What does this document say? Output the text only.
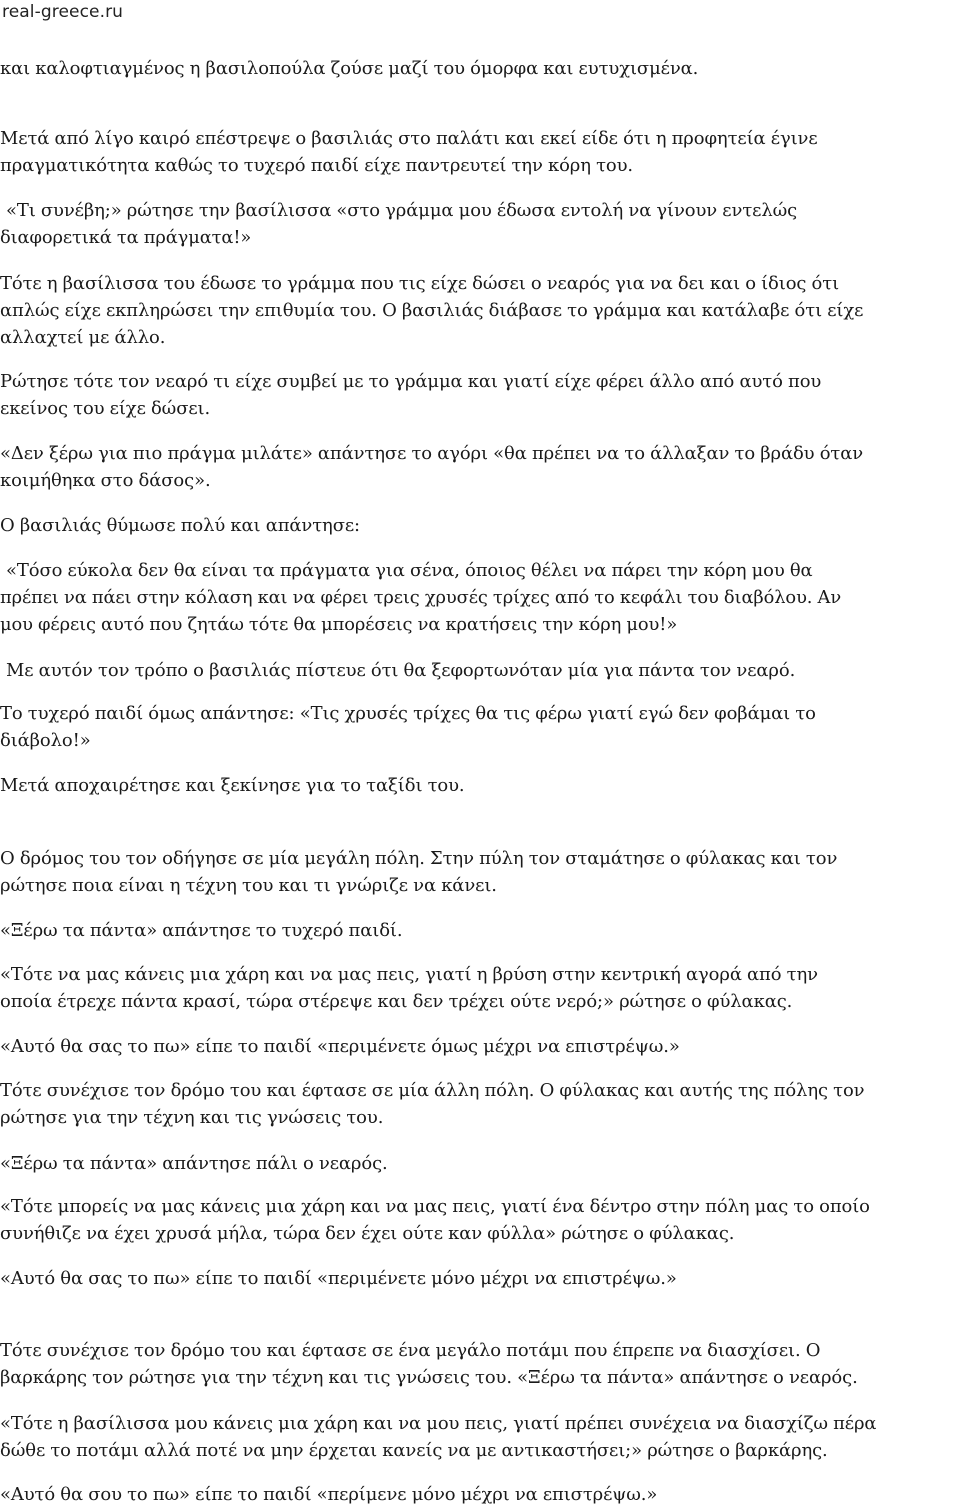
real-greece.ru
και καλοφτιαγμένος η βασιλοπούλα ζούσε μαζί του όμορφα και ευτυχισμένα.
Μετά από λίγο καιρό επέστρεψε ο βασιλιάς στο παλάτι και εκεί είδε ότι η προφητεία έγινε
πραγματικότητα καθώς το τυχερό παιδί είχε παντρευτεί την κόρη του.
«Τι συνέβη;» ρώτησε την βασίλισσα «στο γράμμα μου έδωσα εντολή να γίνουν εντελώς
διαφορετικά τα πράγματα!»
Τότε η βασίλισσα του έδωσε το γράμμα που τις είχε δώσει ο νεαρός για να δει και ο ίδιος ότι
απλώς είχε εκπληρώσει την επιθυμία του. Ο βασιλιάς διάβασε το γράμμα και κατάλαβε ότι είχε
αλλαχτεί με άλλο.
Ρώτησε τότε τον νεαρό τι είχε συμβεί με το γράμμα και γιατί είχε φέρει άλλο από αυτό που
εκείνος του είχε δώσει.
«Δεν ξέρω για πιο πράγμα μιλάτε» απάντησε το αγόρι «θα πρέπει να το άλλαξαν το βράδυ όταν
κοιμήθηκα στο δάσος».
Ο βασιλιάς θύμωσε πολύ και απάντησε:
«Τόσο εύκολα δεν θα είναι τα πράγματα για σένα, όποιος θέλει να πάρει την κόρη μου θα
πρέπει να πάει στην κόλαση και να φέρει τρεις χρυσές τρίχες από το κεφάλι του διαβόλου. Αν
μου φέρεις αυτό που ζητάω τότε θα μπορέσεις να κρατήσεις την κόρη μου!»
Με αυτόν τον τρόπο ο βασιλιάς πίστευε ότι θα ξεφορτωνόταν μία για πάντα τον νεαρό.
Το τυχερό παιδί όμως απάντησε: «Τις χρυσές τρίχες θα τις φέρω γιατί εγώ δεν φοβάμαι το
διάβολο!»
Μετά αποχαιρέτησε και ξεκίνησε για το ταξίδι του.
Ο δρόμος του τον οδήγησε σε μία μεγάλη πόλη. Στην πύλη τον σταμάτησε ο φύλακας και τον
ρώτησε ποια είναι η τέχνη του και τι γνώριζε να κάνει.
«Ξέρω τα πάντα» απάντησε το τυχερό παιδί.
«Τότε να μας κάνεις μια χάρη και να μας πεις, γιατί η βρύση στην κεντρική αγορά από την
οποία έτρεχε πάντα κρασί, τώρα στέρεψε και δεν τρέχει ούτε νερό;» ρώτησε ο φύλακας.
«Αυτό θα σας το πω» είπε το παιδί «περιμένετε όμως μέχρι να επιστρέψω.»
Τότε συνέχισε τον δρόμο του και έφτασε σε μία άλλη πόλη. Ο φύλακας και αυτής της πόλης τον
ρώτησε για την τέχνη και τις γνώσεις του.
«Ξέρω τα πάντα» απάντησε πάλι ο νεαρός.
«Τότε μπορείς να μας κάνεις μια χάρη και να μας πεις, γιατί ένα δέντρο στην πόλη μας το οποίο
συνήθιζε να έχει χρυσά μήλα, τώρα δεν έχει ούτε καν φύλλα» ρώτησε ο φύλακας.
«Αυτό θα σας το πω» είπε το παιδί «περιμένετε μόνο μέχρι να επιστρέψω.»
Τότε συνέχισε τον δρόμο του και έφτασε σε ένα μεγάλο ποτάμι που έπρεπε να διασχίσει. Ο
βαρκάρης τον ρώτησε για την τέχνη και τις γνώσεις του. «Ξέρω τα πάντα» απάντησε ο νεαρός.
«Τότε η βασίλισσα μου κάνεις μια χάρη και να μου πεις, γιατί πρέπει συνέχεια να διασχίζω πέρα
δώθε το ποτάμι αλλά ποτέ να μην έρχεται κανείς να με αντικαστήσει;» ρώτησε ο βαρκάρης.
«Αυτό θα σου το πω» είπε το παιδί «περίμενε μόνο μέχρι να επιστρέψω.»
